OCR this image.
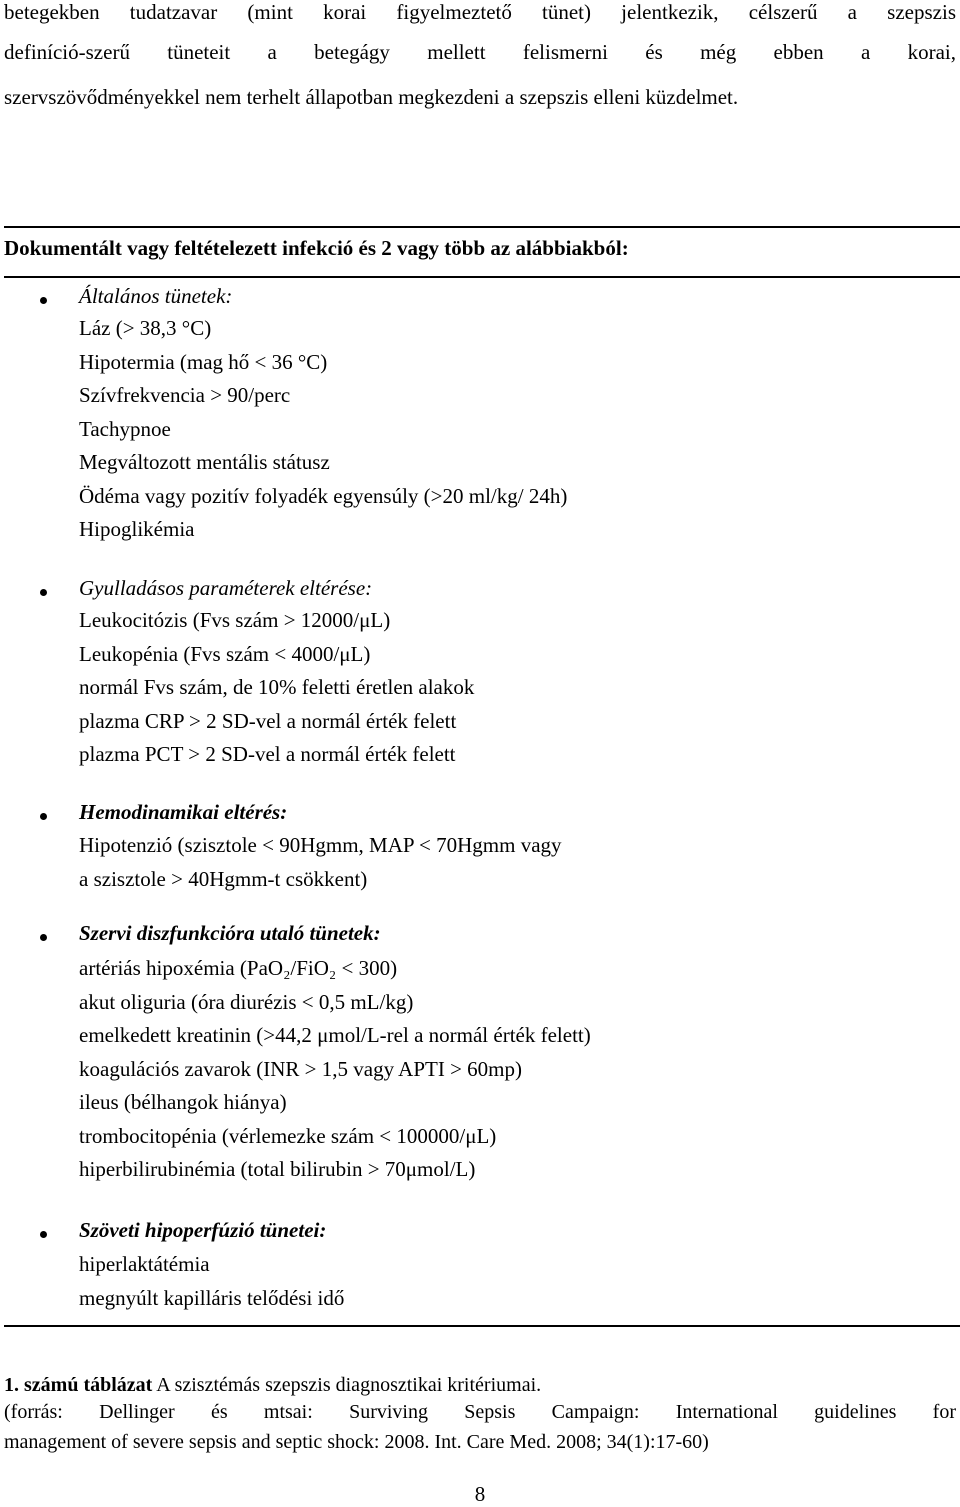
betegekben tudatzavar (mint korai figyelmeztető tünet) jelentkezik, célszerű a szepszis
definíció-szerű tüneteit a betegágy mellett felismerni és még ebben a korai,
szervszövődményekkel nem terhelt állapotban megkezdeni a szepszis elleni küzdelmet.
Dokumentált vagy feltételezett infekció és 2 vagy több az alábbiakból:
Általános tünetek:
Láz (> 38,3 °C)
Hipotermia (mag hő < 36 °C)
Szívfrekvencia > 90/perc
Tachypnoe
Megváltozott mentális státusz
Ödéma vagy pozitív folyadék egyensúly (>20 ml/kg/ 24h)
Hipoglikémia
Gyulladásos paraméterek eltérése:
Leukocitózis (Fvs szám > 12000/μL)
Leukopénia (Fvs szám < 4000/μL)
normál Fvs szám, de 10% feletti éretlen alakok
plazma CRP > 2 SD-vel a normál érték felett
plazma PCT > 2 SD-vel a normál érték felett
Hemodinamikai eltérés:
Hipotenzió (szisztole < 90Hgmm, MAP < 70Hgmm vagy
a szisztole > 40Hgmm-t csökkent)
Szervi diszfunkcióra utaló tünetek:
artériás hipoxémia (PaO₂/FiO₂ < 300)
akut oliguria (óra diurézis < 0,5 mL/kg)
emelkedett kreatinin (>44,2 μmol/L-rel a normál érték felett)
koagulációs zavarok (INR > 1,5 vagy APTI > 60mp)
ileus (bélhangok hiánya)
trombocitopénia (vérlemezke szám < 100000/μL)
hiperbilirubinémia (total bilirubin > 70μmol/L)
Szöveti hipoperfúzió tünetei:
hiperlaktátémia
megnyúlt kapilláris telődési idő
1. számú táblázat A szisztémás szepszis diagnosztikai kritériumai.
(forrás: Dellinger és mtsai: Surviving Sepsis Campaign: International guidelines for
management of severe sepsis and septic shock: 2008. Int. Care Med. 2008; 34(1):17-60)
8
